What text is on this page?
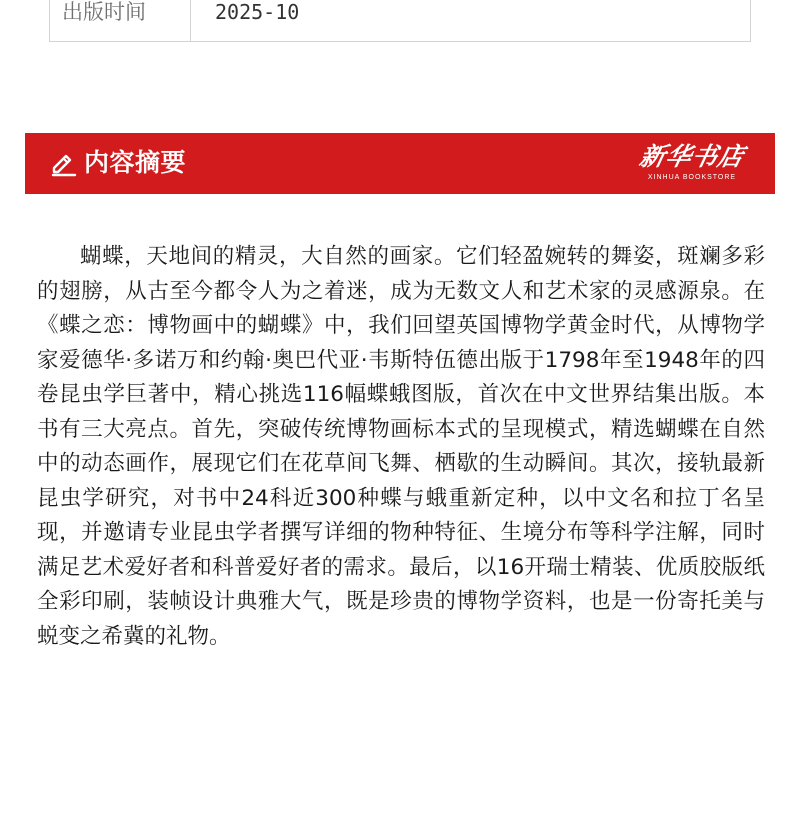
出版时间	2025-10
内容摘要	新华书店
XINHUA BOOKSTORE

蝴蝶，天地间的精灵，大自然的画家。它们轻盈婉转的舞姿，斑斓多彩的翅膀，从古至今都令人为之着迷，成为无数文人和艺术家的灵感源泉。在《蝶之恋：博物画中的蝴蝶》中，我们回望英国博物学黄金时代，从博物学家爱德华·多诺万和约翰·奥巴代亚·韦斯特伍德出版于1798年至1948年的四卷昆虫学巨著中，精心挑选116幅蝶蛾图版，首次在中文世界结集出版。本书有三大亮点。首先，突破传统博物画标本式的呈现模式，精选蝴蝶在自然中的动态画作，展现它们在花草间飞舞、栖歇的生动瞬间。其次，接轨最新昆虫学研究，对书中24科近300种蝶与蛾重新定种，以中文名和拉丁名呈现，并邀请专业昆虫学者撰写详细的物种特征、生境分布等科学注解，同时满足艺术爱好者和科普爱好者的需求。最后，以16开瑞士精装、优质胶版纸全彩印刷，装帧设计典雅大气，既是珍贵的博物学资料，也是一份寄托美与蜕变之希冀的礼物。
